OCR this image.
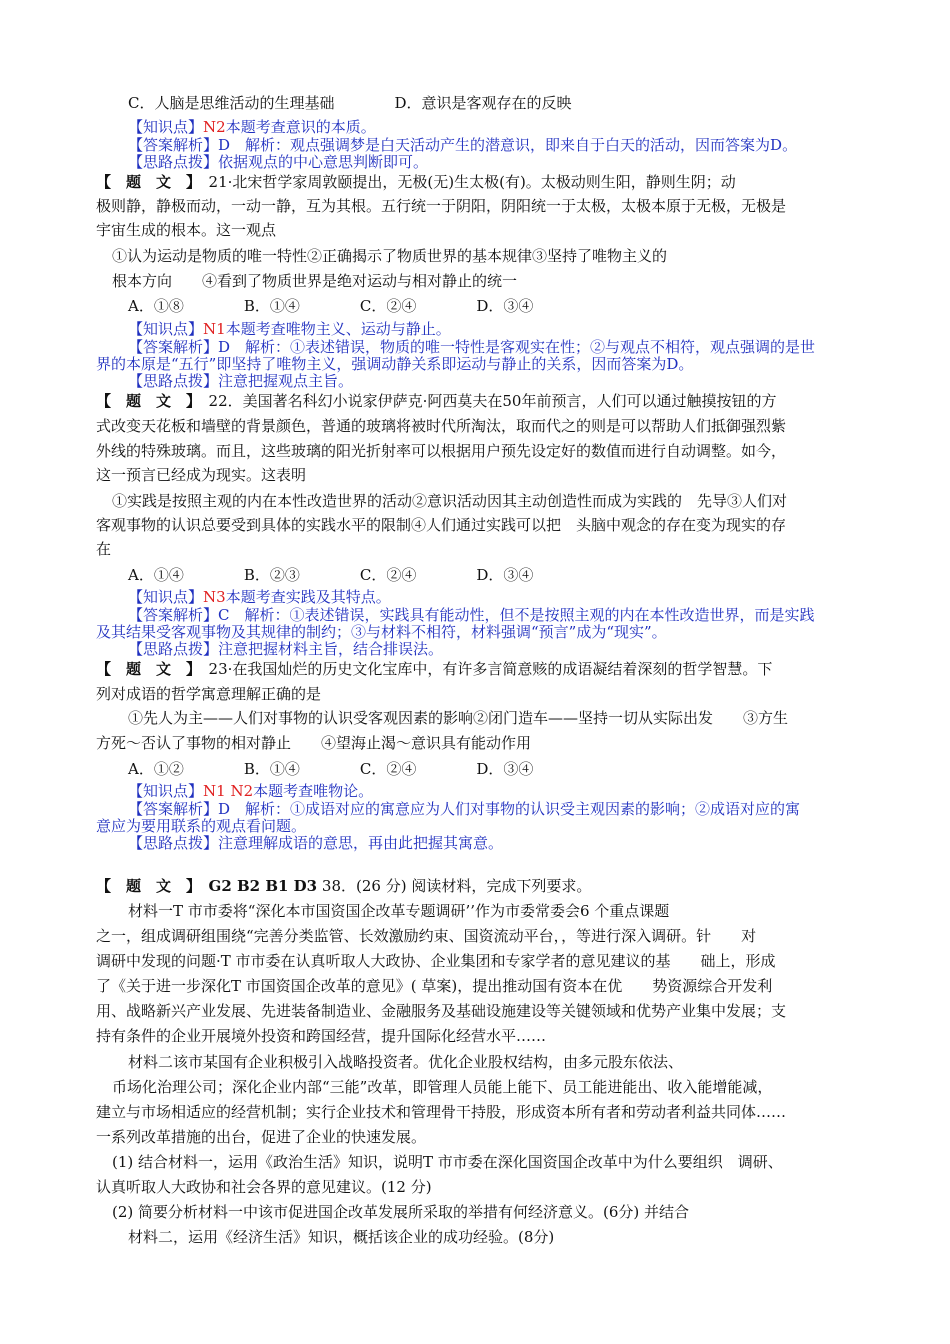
C．人脑是思维活动的生理基础　　　　D．意识是客观存在的反映
【知识点】N2本题考查意识的本质。
【答案解析】D　解析：观点强调梦是白天活动产生的潜意识，即来自于白天的活动，因而答案为D。
【思路点拨】依据观点的中心意思判断即可。
【　题　文　】　 21·北宋哲学家周敦颐提出，无极(无)生太极(有)。太极动则生阳，静则生阴；动
极则静，静极而动，一动一静，互为其根。五行统一于阴阳，阴阳统一于太极，太极本原于无极，无极是
宇宙生成的根本。这一观点
①认为运动是物质的唯一特性②正确揭示了物质世界的基本规律③坚持了唯物主义的
根本方向　　④看到了物质世界是绝对运动与相对静止的统一
A．①⑧　　　　B．①④　　　　C．②④　　　　D．③④
【知识点】N1本题考查唯物主义、运动与静止。
【答案解析】D　解析：①表述错误，物质的唯一特性是客观实在性；②与观点不相符，观点强调的是世
界的本原是“五行”即坚持了唯物主义，强调动静关系即运动与静止的关系，因而答案为D。
【思路点拨】注意把握观点主旨。
【　题　文　】　 22．美国著名科幻小说家伊萨克·阿西莫夫在50年前预言，人们可以通过触摸按钮的方
式改变天花板和墙壁的背景颜色，普通的玻璃将被时代所淘汰，取而代之的则是可以帮助人们抵御强烈紫
外线的特殊玻璃。而且，这些玻璃的阳光折射率可以根据用户预先设定好的数值而进行自动调整。如今，
这一预言已经成为现实。这表明
①实践是按照主观的内在本性改造世界的活动②意识活动因其主动创造性而成为实践的　先导③人们对
客观事物的认识总要受到具体的实践水平的限制④人们通过实践可以把　头脑中观念的存在变为现实的存
在
A．①④　　　　B．②③　　　　C．②④　　　　D．③④
【知识点】N3本题考查实践及其特点。
【答案解析】C　解析：①表述错误，实践具有能动性，但不是按照主观的内在本性改造世界，而是实践
及其结果受客观事物及其规律的制约；③与材料不相符，材料强调“预言”成为“现实”。
【思路点拨】注意把握材料主旨，结合排误法。
【　题　文　】　 23·在我国灿烂的历史文化宝库中，有许多言简意赅的成语凝结着深刻的哲学智慧。下
列对成语的哲学寓意理解正确的是
①先人为主——人们对事物的认识受客观因素的影响②闭门造车——坚持一切从实际出发　　③方生
方死～否认了事物的相对静止　　④望海止渴～意识具有能动作用
A．①②　　　　B．①④　　　　C．②④　　　　D．③④
【知识点】N1 N2本题考查唯物论。
【答案解析】D　解析：①成语对应的寓意应为人们对事物的认识受主观因素的影响；②成语对应的寓
意应为要用联系的观点看问题。
【思路点拨】注意理解成语的意思，再由此把握其寓意。
【　题　文　】　 G2 B2 B1 D3 38．(26 分) 阅读材料，完成下列要求。
材料一T 市市委将“深化本市国资国企改革专题调研’’作为市委常委会6 个重点课题
之一，组成调研组围绕“完善分类监管、长效激励约束、国资流动平台，，等进行深入调研。针　　对
调研中发现的问题·T 市市委在认真听取人大政协、企业集团和专家学者的意见建议的基　　础上，形成
了《关于进一步深化T 市国资国企改革的意见》( 草案)，提出推动国有资本在优　　势资源综合开发利
用、战略新兴产业发展、先进装备制造业、金融服务及基础设施建设等关键领域和优势产业集中发展；支
持有条件的企业开展境外投资和跨国经营，提升国际化经营水平……
材料二该市某国有企业积极引入战略投资者。优化企业股权结构，由多元股东依法、
币场化治理公司；深化企业内部“三能”改革，即管理人员能上能下、员工能进能出、收入能增能减，
建立与市场相适应的经营机制；实行企业技术和管理骨干持股，形成资本所有者和劳动者利益共同体……
一系列改革措施的出台，促进了企业的快速发展。
(1) 结合材料一，运用《政治生活》知识，说明T 市市委在深化国资国企改革中为什么要组织　调研、
认真听取人大政协和社会各界的意见建议。(12 分)
(2) 简要分析材料一中该市促进国企改革发展所采取的举措有何经济意义。(6分) 并结合
材料二，运用《经济生活》知识，概括该企业的成功经验。(8分)
